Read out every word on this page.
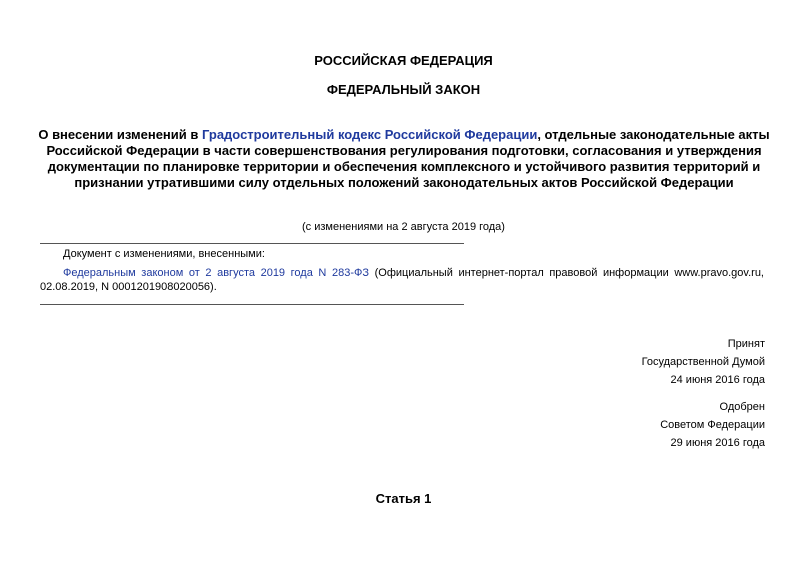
РОССИЙСКАЯ ФЕДЕРАЦИЯ
ФЕДЕРАЛЬНЫЙ ЗАКОН
О внесении изменений в Градостроительный кодекс Российской Федерации, отдельные законодательные акты Российской Федерации в части совершенствования регулирования подготовки, согласования и утверждения документации по планировке территории и обеспечения комплексного и устойчивого развития территорий и признании утратившими силу отдельных положений законодательных актов Российской Федерации
(с изменениями на 2 августа 2019 года)
Документ с изменениями, внесенными:
Федеральным законом от 2 августа 2019 года N 283-ФЗ (Официальный интернет-портал правовой информации www.pravo.gov.ru, 02.08.2019, N 0001201908020056).
Принят
Государственной Думой
24 июня 2016 года
Одобрен
Советом Федерации
29 июня 2016 года
Статья 1
